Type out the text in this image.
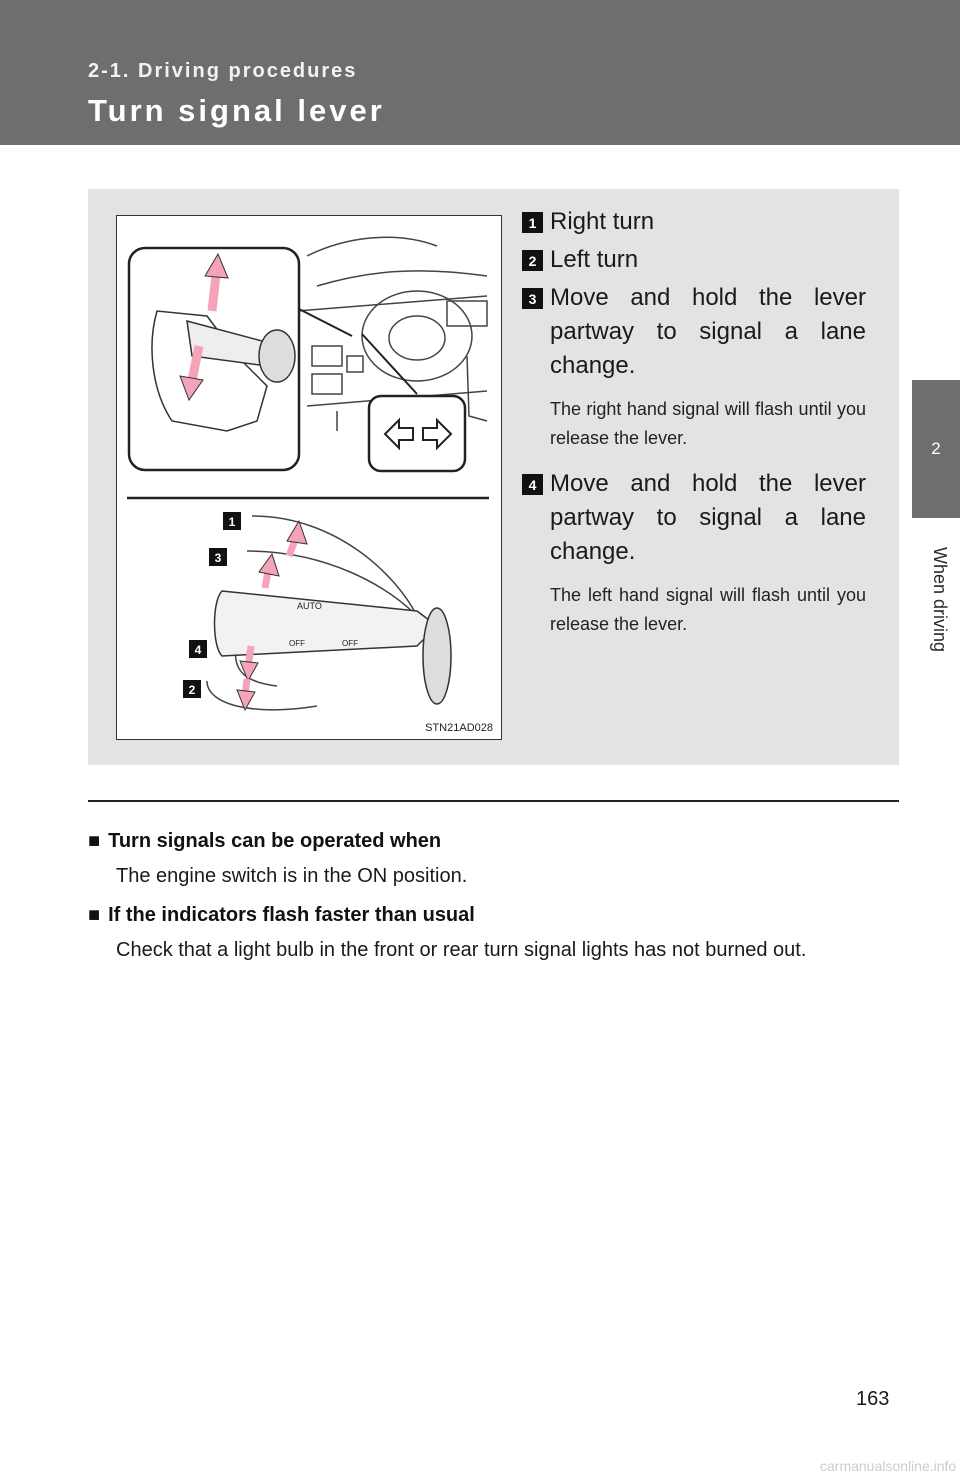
2-1. Driving procedures
Turn signal lever
2
When driving
AUTO
OFF	OFF
1
3
4
2
STN21AD028
1 Right turn
2 Left turn
3 Move and hold the lever partway to signal a lane change.
The right hand signal will flash until you release the lever.
4 Move and hold the lever partway to signal a lane change.
The left hand signal will flash until you release the lever.

■ Turn signals can be operated when

The engine switch is in the ON position.

■ If the indicators flash faster than usual

Check that a light bulb in the front or rear turn signal lights has not burned out.

163
carmanualsonline.info
